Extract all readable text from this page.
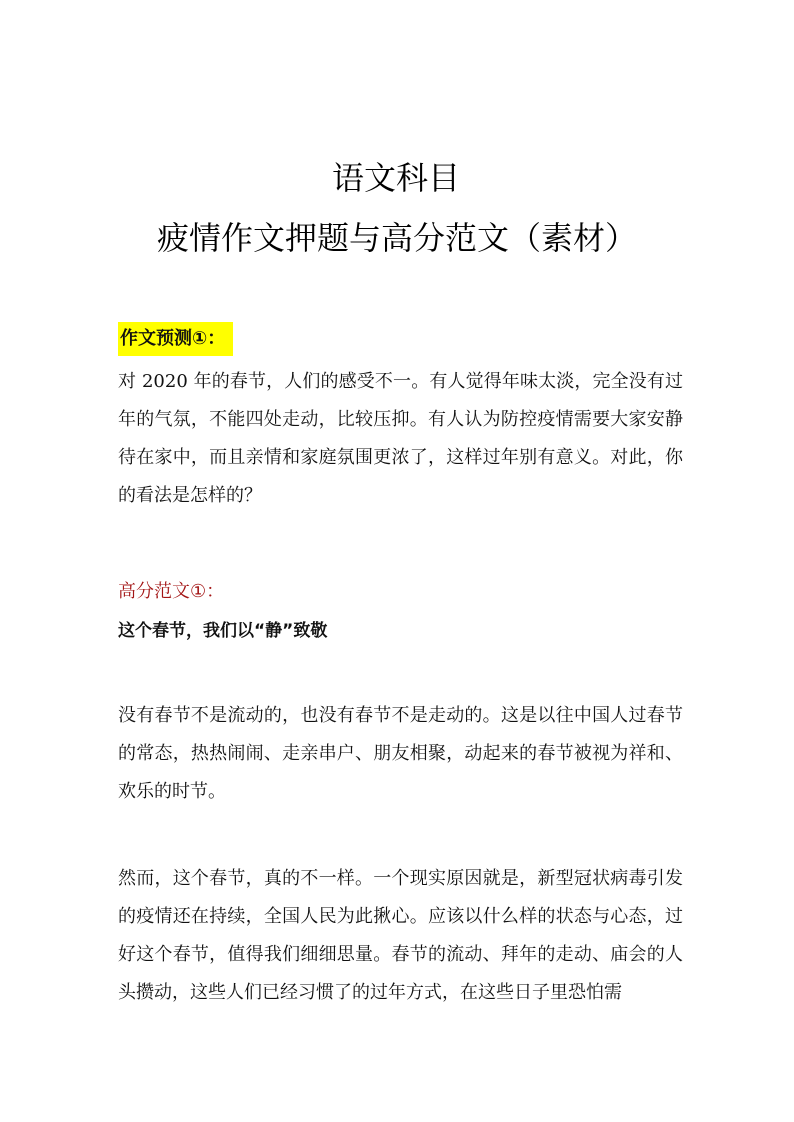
语文科目
疲情作文押题与高分范文（素材）
作文预测①：

对 2020 年的春节，人们的感受不一。有人觉得年味太淡，完全没有过年的气氛，不能四处走动，比较压抑。有人认为防控疫情需要大家安静待在家中，而且亲情和家庭氛围更浓了，这样过年别有意义。对此，你的看法是怎样的？

高分范文①：
这个春节，我们以“静”致敬

没有春节不是流动的，也没有春节不是走动的。这是以往中国人过春节的常态，热热闹闹、走亲串户、朋友相聚，动起来的春节被视为祥和、欢乐的时节。

然而，这个春节，真的不一样。一个现实原因就是，新型冠状病毒引发的疫情还在持续，全国人民为此揪心。应该以什么样的状态与心态，过好这个春节，值得我们细细思量。春节的流动、拜年的走动、庙会的人头攒动，这些人们已经习惯了的过年方式，在这些日子里恐怕需
